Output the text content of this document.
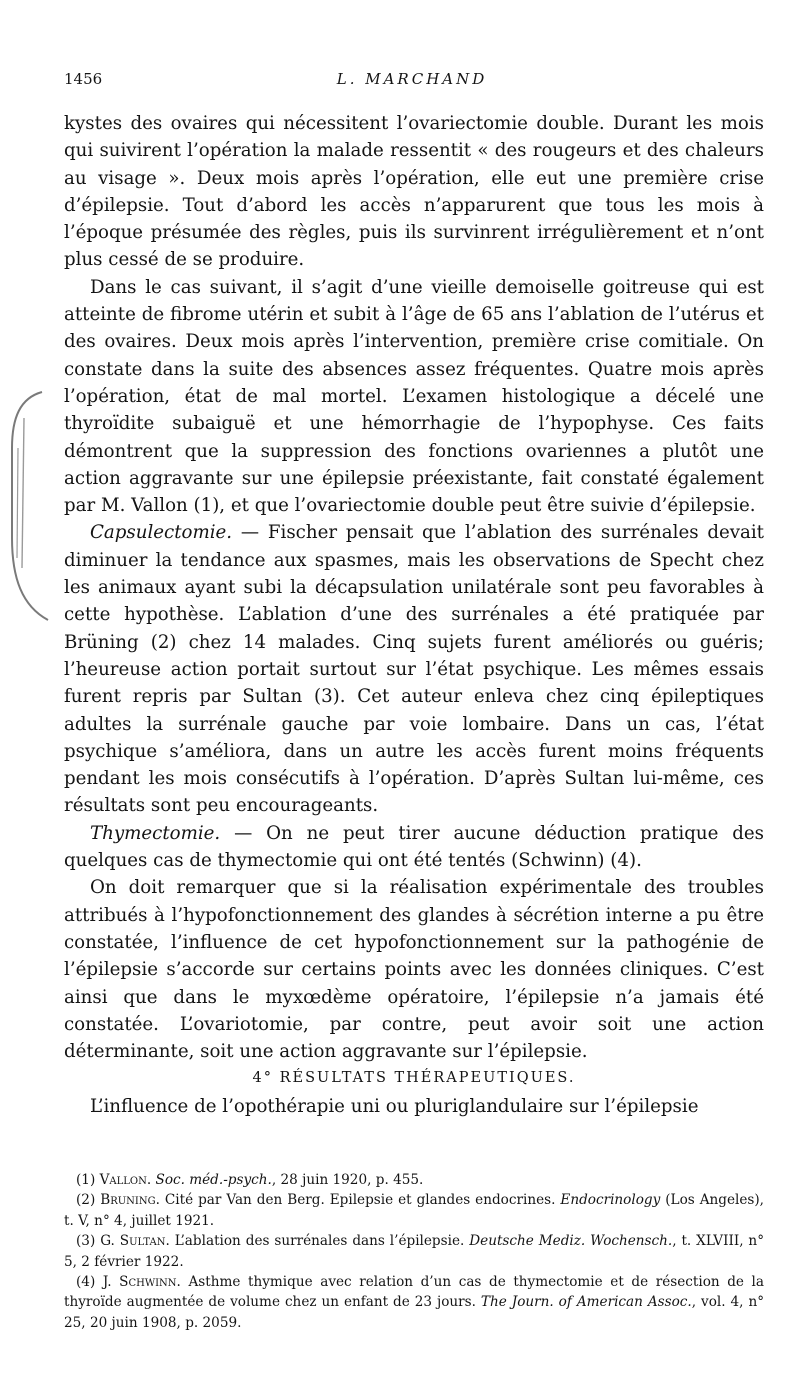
1456	L. MARCHAND

kystes des ovaires qui nécessitent l’ovariectomie double. Durant les mois qui suivirent l’opération la malade ressentit « des rougeurs et des chaleurs au visage ». Deux mois après l’opération, elle eut une première crise d’épilepsie. Tout d’abord les accès n’apparurent que tous les mois à l’époque présumée des règles, puis ils survinrent irrégulièrement et n’ont plus cessé de se produire.

Dans le cas suivant, il s’agit d’une vieille demoiselle goitreuse qui est atteinte de fibrome utérin et subit à l’âge de 65 ans l’ablation de l’utérus et des ovaires. Deux mois après l’intervention, première crise comitiale. On constate dans la suite des absences assez fréquentes. Quatre mois après l’opération, état de mal mortel. L’examen histologique a décelé une thyroïdite subaiguë et une hémorrhagie de l’hypophyse. Ces faits démontrent que la suppression des fonctions ovariennes a plutôt une action aggravante sur une épilepsie préexistante, fait constaté également par M. Vallon (1), et que l’ovariectomie double peut être suivie d’épilepsie.

Capsulectomie. — Fischer pensait que l’ablation des surrénales devait diminuer la tendance aux spasmes, mais les observations de Specht chez les animaux ayant subi la décapsulation unilatérale sont peu favorables à cette hypothèse. L’ablation d’une des surrénales a été pratiquée par Brüning (2) chez 14 malades. Cinq sujets furent améliorés ou guéris; l’heureuse action portait surtout sur l’état psychique. Les mêmes essais furent repris par Sultan (3). Cet auteur enleva chez cinq épileptiques adultes la surrénale gauche par voie lombaire. Dans un cas, l’état psychique s’améliora, dans un autre les accès furent moins fréquents pendant les mois consécutifs à l’opération. D’après Sultan lui-même, ces résultats sont peu encourageants.

Thymectomie. — On ne peut tirer aucune déduction pratique des quelques cas de thymectomie qui ont été tentés (Schwinn) (4).

On doit remarquer que si la réalisation expérimentale des troubles attribués à l’hypofonctionnement des glandes à sécrétion interne a pu être constatée, l’influence de cet hypofonctionnement sur la pathogénie de l’épilepsie s’accorde sur certains points avec les données cliniques. C’est ainsi que dans le myxœdème opératoire, l’épilepsie n’a jamais été constatée. L’ovariotomie, par contre, peut avoir soit une action déterminante, soit une action aggravante sur l’épilepsie.

4° RÉSULTATS THÉRAPEUTIQUES.

L’influence de l’opothérapie uni ou pluriglandulaire sur l’épilepsie

(1) Vallon. Soc. méd.-psych., 28 juin 1920, p. 455.

(2) Bruning. Cité par Van den Berg. Epilepsie et glandes endocrines. Endocrinology (Los Angeles), t. V, n° 4, juillet 1921.

(3) G. Sultan. L’ablation des surrénales dans l’épilepsie. Deutsche Mediz. Wochensch., t. XLVIII, n° 5, 2 février 1922.

(4) J. Schwinn. Asthme thymique avec relation d’un cas de thymectomie et de résection de la thyroïde augmentée de volume chez un enfant de 23 jours. The Journ. of American Assoc., vol. 4, n° 25, 20 juin 1908, p. 2059.
